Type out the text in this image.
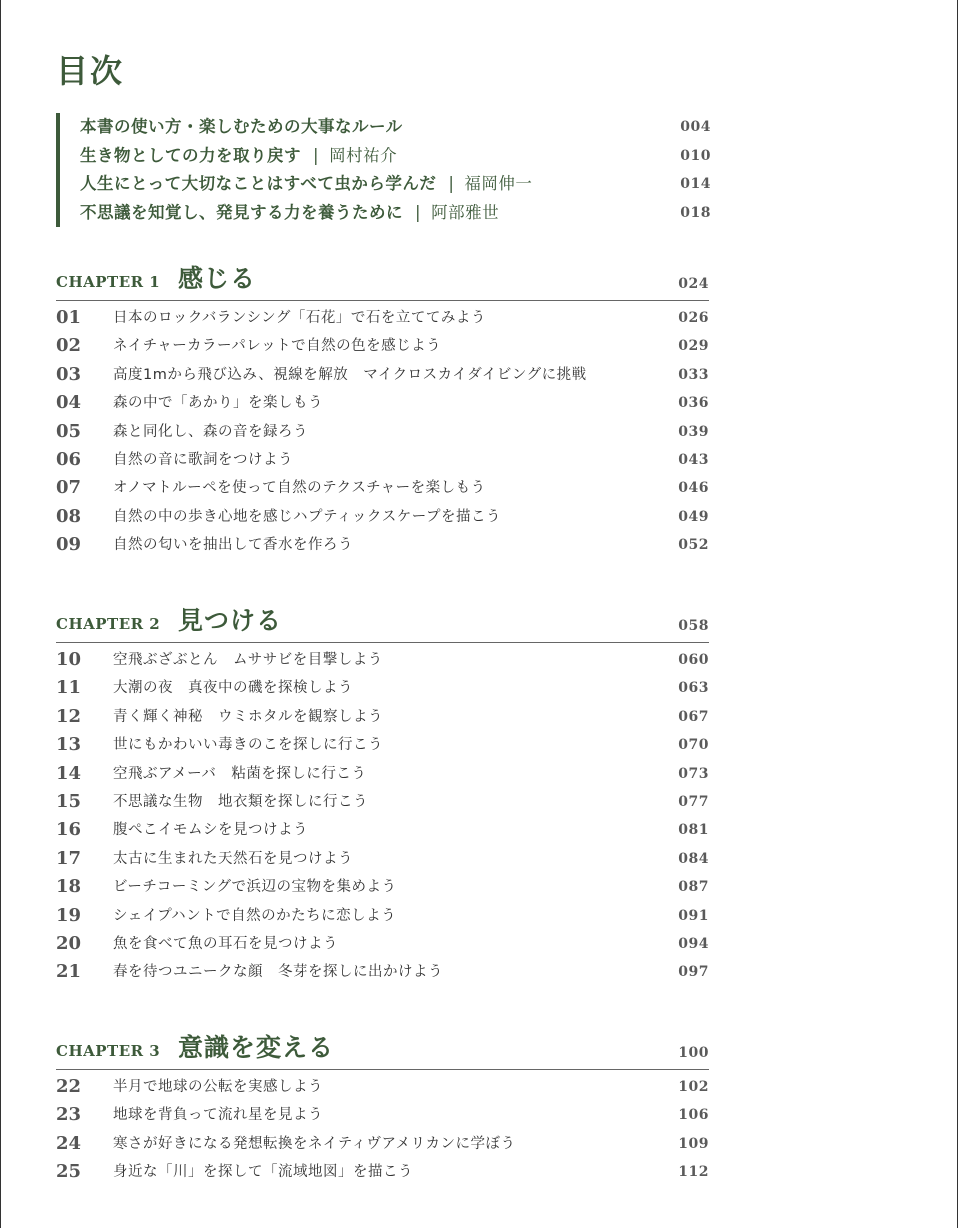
目次
本書の使い方・楽しむための大事なルール	004
生き物としての力を取り戻す | 岡村祐介	010
人生にとって大切なことはすべて虫から学んだ | 福岡伸一	014
不思議を知覚し、発見する力を養うために | 阿部雅世	018
CHAPTER 1 感じる	024
01 日本のロックバランシング「石花」で石を立ててみよう	026
02 ネイチャーカラーパレットで自然の色を感じよう	029
03 高度1mから飛び込み、視線を解放　マイクロスカイダイビングに挑戦	033
04 森の中で「あかり」を楽しもう	036
05 森と同化し、森の音を録ろう	039
06 自然の音に歌詞をつけよう	043
07 オノマトルーペを使って自然のテクスチャーを楽しもう	046
08 自然の中の歩き心地を感じハプティックスケープを描こう	049
09 自然の匂いを抽出して香水を作ろう	052
CHAPTER 2 見つける	058
10 空飛ぶざぶとん　ムササビを目撃しよう	060
11 大潮の夜　真夜中の磯を探検しよう	063
12 青く輝く神秘　ウミホタルを観察しよう	067
13 世にもかわいい毒きのこを探しに行こう	070
14 空飛ぶアメーバ　粘菌を探しに行こう	073
15 不思議な生物　地衣類を探しに行こう	077
16 腹ぺこイモムシを見つけよう	081
17 太古に生まれた天然石を見つけよう	084
18 ビーチコーミングで浜辺の宝物を集めよう	087
19 シェイプハントで自然のかたちに恋しよう	091
20 魚を食べて魚の耳石を見つけよう	094
21 春を待つユニークな顔　冬芽を探しに出かけよう	097
CHAPTER 3 意識を変える	100
22 半月で地球の公転を実感しよう	102
23 地球を背負って流れ星を見よう	106
24 寒さが好きになる発想転換をネイティヴアメリカンに学ぼう	109
25 身近な「川」を探して「流域地図」を描こう	112
